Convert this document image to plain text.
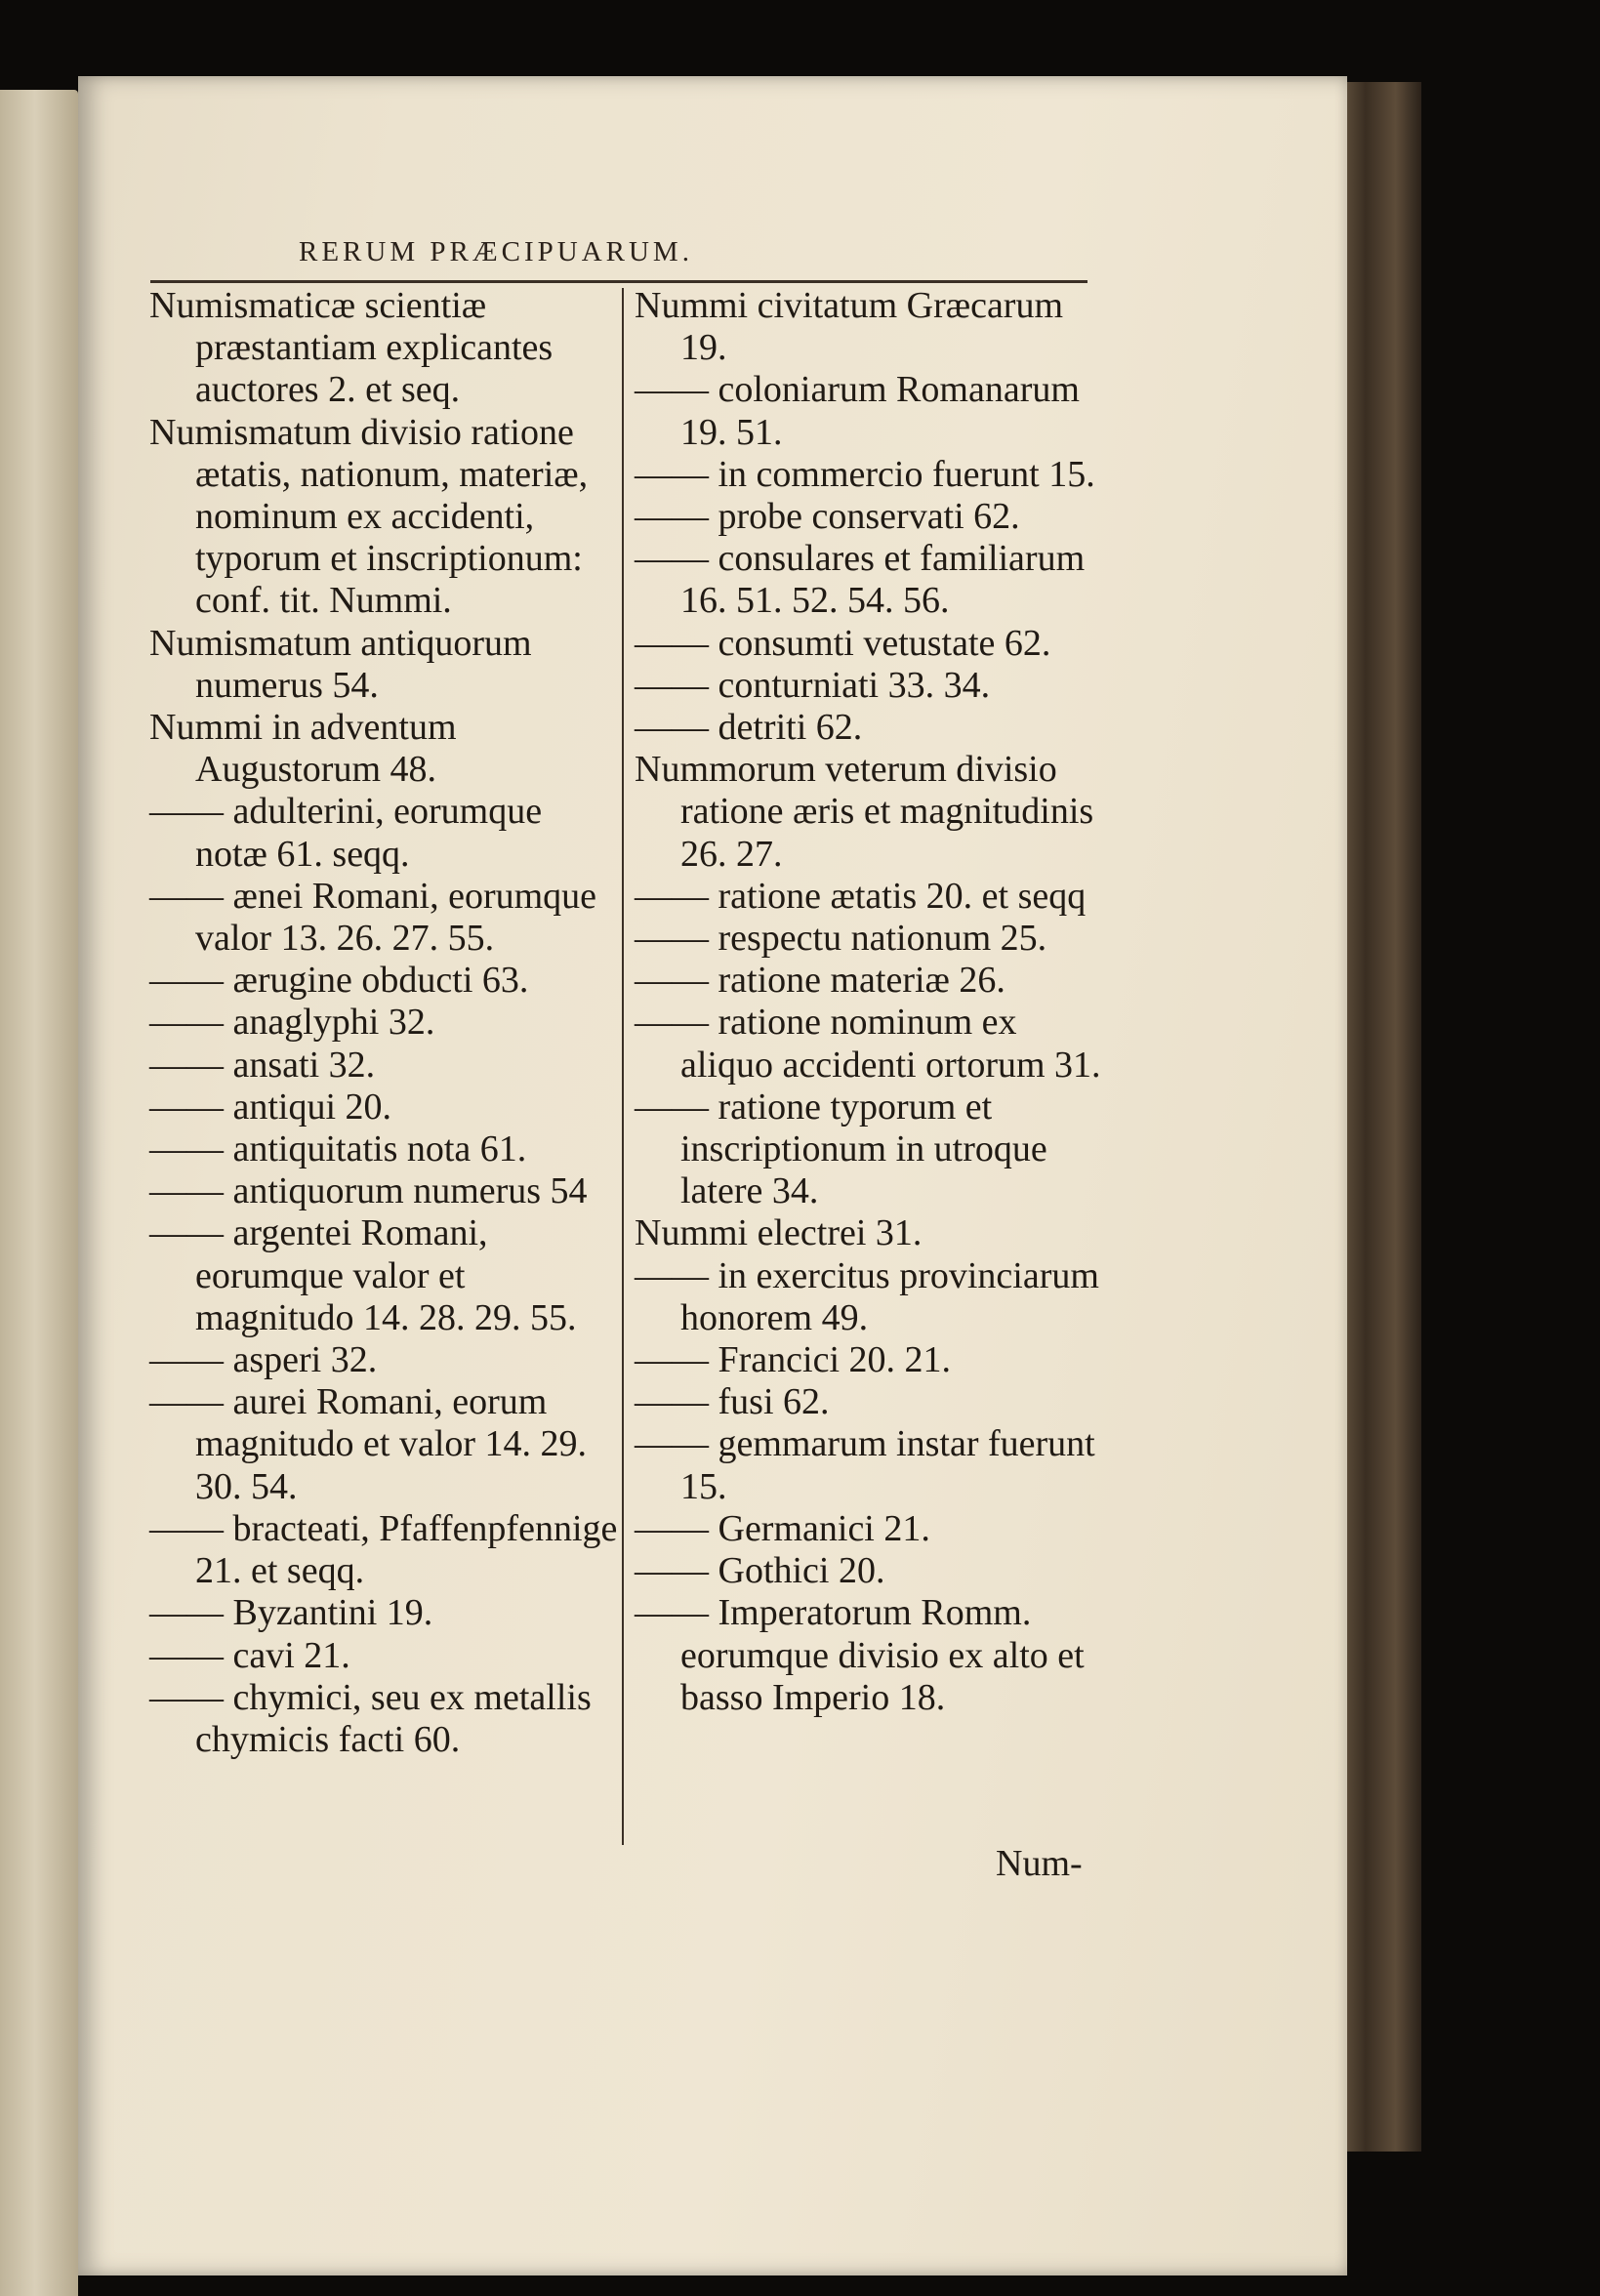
RERUM PRÆCIPUARUM.

Numismaticæ scientiæ præstantiam explicantes auctores 2. et seq.

Numismatum divisio ratione ætatis, nationum, materiæ, nominum ex accidenti, typorum et inscriptionum: conf. tit. Nummi.

Numismatum antiquorum numerus 54.

Nummi in adventum Augustorum 48.

—— adulterini, eorumque notæ 61. seqq.

—— æneі Romani, eorumque valor 13. 26. 27. 55.

—— ærugine obducti 63.

—— anaglyphi 32.

—— ansati 32.

—— antiqui 20.

—— antiquitatis nota 61.

—— antiquorum numerus 54

—— argentei Romani, eorumque valor et magnitudo 14. 28. 29. 55.

—— asperi 32.

—— aurei Romani, eorum magnitudo et valor 14. 29. 30. 54.

—— bracteati, Pfaffenpfennige 21. et seqq.

—— Byzantini 19.

—— cavi 21.

—— chymici, seu ex metallis chymicis facti 60.

Nummi civitatum Græcarum 19.

—— coloniarum Romanarum 19. 51.

—— in commercio fuerunt 15.

—— probe conservati 62.

—— consulares et familiarum 16. 51. 52. 54. 56.

—— consumti vetustate 62.

—— conturniati 33. 34.

—— detriti 62.

Nummorum veterum divisio ratione æris et magnitudinis 26. 27.

—— ratione ætatis 20. et seqq

—— respectu nationum 25.

—— ratione materiæ 26.

—— ratione nominum ex aliquo accidenti ortorum 31.

—— ratione typorum et inscriptionum in utroque latere 34.

Nummi electrei 31.

—— in exercitus provinciarum honorem 49.

—— Francici 20. 21.

—— fusi 62.

—— gemmarum instar fuerunt 15.

—— Germanici 21.

—— Gothici 20.

—— Imperatorum Romm. eorumque divisio ex alto et basso Imperio 18.

Num-
